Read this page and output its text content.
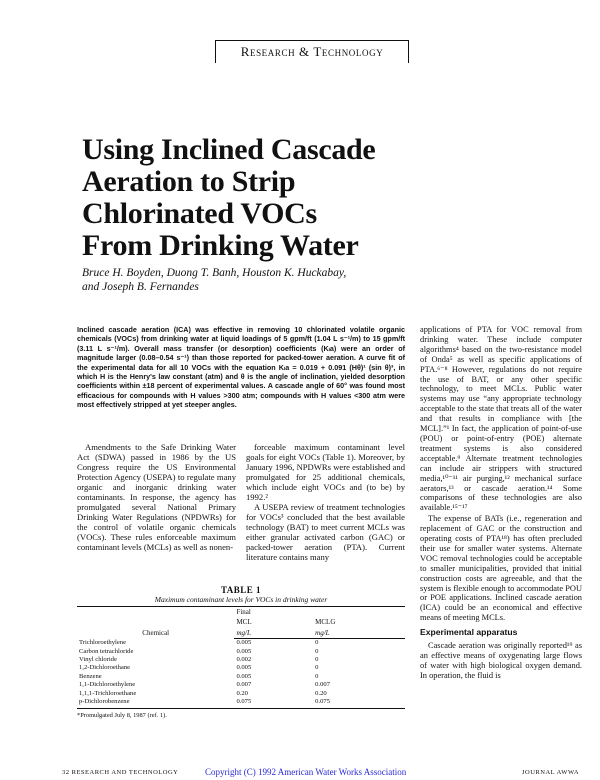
Research & Technology
Using Inclined Cascade
Aeration to Strip
Chlorinated VOCs
From Drinking Water
Bruce H. Boyden, Duong T. Banh, Houston K. Huckabay,
and Joseph B. Fernandes

Inclined cascade aeration (ICA) was effective in removing 10 chlorinated volatile organic chemicals (VOCs) from drinking water at liquid loadings of 5 gpm/ft (1.04 L s⁻¹/m) to 15 gpm/ft (3.11 L s⁻¹/m). Overall mass transfer (or desorption) coefficients (Kₗa) were an order of magnitude larger (0.08–0.54 s⁻¹) than those reported for packed-tower aeration. A curve fit of the experimental data for all 10 VOCs with the equation Kₗa = 0.019 + 0.091 (Hθ)¹ (sin θ)³, in which H is the Henry's law constant (atm) and θ is the angle of inclination, yielded desorption coefficients within ±18 percent of experimental values. A cascade angle of 60° was found most efficacious for compounds with H values >300 atm; compounds with H values <300 atm were most effectively stripped at yet steeper angles.

Amendments to the Safe Drinking Water Act (SDWA) passed in 1986 by the US Congress require the US Environmental Protection Agency (USEPA) to regulate many organic and inorganic drinking water contaminants. In response, the agency has promulgated several National Primary Drinking Water Regulations (NPDWRs) for the control of volatile organic chemicals (VOCs). These rules enforceable maximum contaminant levels (MCLs) as well as nonen-

forceable maximum contaminant level goals for eight VOCs (Table 1). Moreover, by January 1996, NPDWRs were established and promulgated for 25 additional chemicals, which include eight VOCs and (to be) by 1992.²

A USEPA review of treatment technologies for VOCs³ concluded that the best available technology (BAT) to meet current MCLs was either granular activated carbon (GAC) or packed-tower aeration (PTA). Current literature contains many

applications of PTA for VOC removal from drinking water. These include computer algorithms⁴ based on the two-resistance model of Onda⁵ as well as specific applications of PTA.⁶⁻⁸ However, regulations do not require the use of BAT, or any other specific technology, to meet MCLs. Public water systems may use “any appropriate technology acceptable to the state that treats all of the water and that results in compliance with [the MCL].”¹ In fact, the application of point-of-use (POU) or point-of-entry (POE) alternate treatment systems is also considered acceptable.⁹ Alternate treatment technologies can include air strippers with structured media,¹⁰⁻¹¹ air purging,¹² mechanical surface aerators,¹³ or cascade aeration.¹⁴ Some comparisons of these technologies are also available.¹⁵⁻¹⁷

The expense of BATs (i.e., regeneration and replacement of GAC or the construction and operating costs of PTA¹⁸) has often precluded their use for smaller water systems. Alternate VOC removal technologies could be acceptable to smaller municipalities, provided that initial construction costs are agreeable, and that the system is flexible enough to accommodate POU or POE applications. Inclined cascade aeration (ICA) could be an economical and effective means of meeting MCLs.

Experimental apparatus

Cascade aeration was originally reported¹⁹ as an effective means of oxygenating large flows of water with high biological oxygen demand. In operation, the fluid is

TABLE 1
Maximum contaminant levels for VOCs in drinking water
Chemical	Final	
	MCL	MCLG
	mg/L	mg/L
Trichloroethylene	0.005	0
Carbon tetrachloride	0.005	0
Vinyl chloride	0.002	0
1,2-Dichloroethane	0.005	0
Benzene	0.005	0
1,1-Dichloroethylene	0.007	0.007
1,1,1-Trichloroethane	0.20	0.20
p-Dichlorobenzene	0.075	0.075
*Promulgated July 8, 1987 (ref. 1).
32 RESEARCH AND TECHNOLOGY	Copyright (C) 1992 American Water Works Association	JOURNAL AWWA
